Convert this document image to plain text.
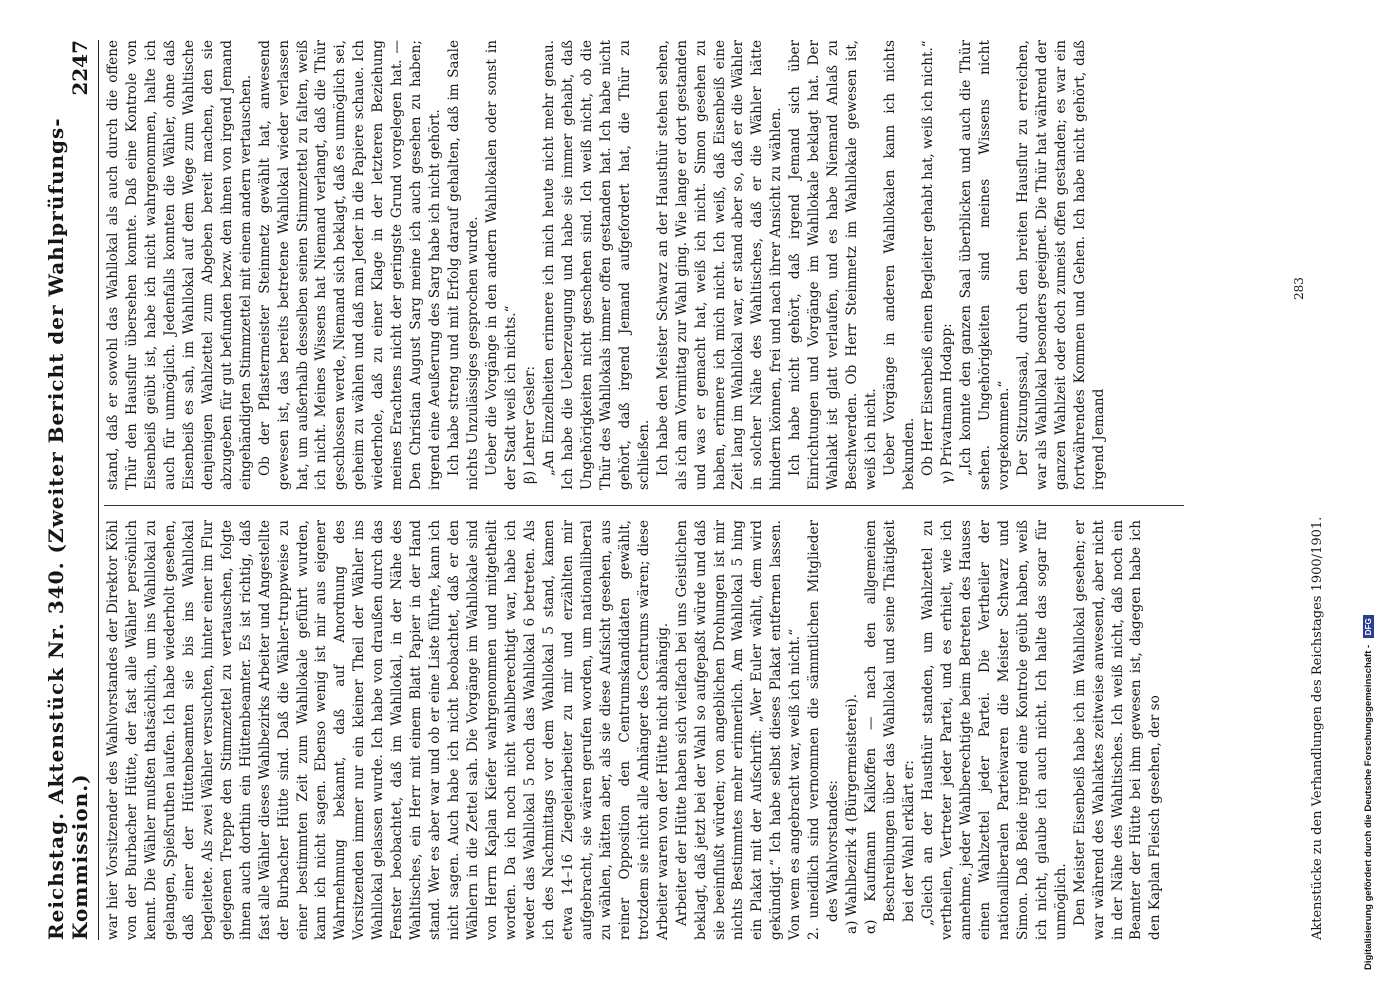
Reichstag. Aktenstück Nr. 340. (Zweiter Bericht der Wahlprüfungs-Kommission.)
2247

war hier Vorsitzender des Wahlvorstandes der Direktor Köhl von der Burbacher Hütte, der fast alle Wähler persönlich kennt. Die Wähler mußten thatsächlich, um ins Wahllokal zu gelangen, Spießruthen laufen. Ich habe wiederholt gesehen, daß einer der Hüttenbeamten sie bis ins Wahllokal begleitete. Als zwei Wähler versuchten, hinter einer im Flur gelegenen Treppe den Stimmzettel zu vertauschen, folgte ihnen auch dorthin ein Hüttenbeamter. Es ist richtig, daß fast alle Wähler dieses Wahlbezirks Arbeiter und Angestellte der Burbacher Hütte sind. Daß die Wähler-truppweise zu einer bestimmten Zeit zum Wahllokale geführt wurden, kann ich nicht sagen. Ebenso wenig ist mir aus eigener Wahrnehmung bekannt, daß auf Anordnung des Vorsitzenden immer nur ein kleiner Theil der Wähler ins Wahllokal gelassen wurde. Ich habe von draußen durch das Fenster beobachtet, daß im Wahllokal, in der Nähe des Wahltisches, ein Herr mit einem Blatt Papier in der Hand stand. Wer es aber war und ob er eine Liste führte, kann ich nicht sagen. Auch habe ich nicht beobachtet, daß er den Wählern in die Zettel sah. Die Vorgänge im Wahllokale sind von Herrn Kaplan Kiefer wahrgenommen und mitgetheilt worden. Da ich noch nicht wahlberechtigt war, habe ich weder das Wahllokal 5 noch das Wahllokal 6 betreten. Als ich des Nachmittags vor dem Wahllokal 5 stand, kamen etwa 14–16 Ziegeleiarbeiter zu mir und erzählten mir aufgebracht, sie wären gerufen worden, um nationalliberal zu wählen, hätten aber, als sie diese Aufsicht gesehen, aus reiner Opposition den Centrumskandidaten gewählt, trotzdem sie nicht alle Anhänger des Centrums wären; diese Arbeiter waren von der Hütte nicht abhängig. Arbeiter der Hütte haben sich vielfach bei uns Geistlichen beklagt, daß jetzt bei der Wahl so aufgepaßt würde und daß sie beeinflußt würden; von angeblichen Drohungen ist mir nichts Bestimmtes mehr erinnerlich. Am Wahllokal 5 hing ein Plakat mit der Aufschrift: „Wer Euler wählt, dem wird gekündigt.“ Ich habe selbst dieses Plakat entfernen lassen. Von wem es angebracht war, weiß ich nicht.“ 2. uneidlich sind vernommen die sämmtlichen Mitglieder des Wahlvorstandes: a) Wahlbezirk 4 (Bürgermeisterei). α) Kaufmann Kalkoffen — nach den allgemeinen Beschreibungen über das Wahllokal und seine Thätigkeit bei der Wahl erklärt er: „Gleich an der Hausthür standen, um Wahlzettel zu vertheilen, Vertreter jeder Partei, und es erhielt, wie ich annehme, jeder Wahlberechtigte beim Betreten des Hauses einen Wahlzettel jeder Partei. Die Vertheiler der nationalliberalen Parteiwaren die Meister Schwarz und Simon. Daß Beide irgend eine Kontrole geübt haben, weiß ich nicht, glaube ich auch nicht. Ich halte das sogar für unmöglich. Den Meister Eisenbeiß habe ich im Wahllokal gesehen; er war während des Wahlaktes zeitweise anwesend, aber nicht in der Nähe des Wahltisches. Ich weiß nicht, daß noch ein Beamter der Hütte bei ihm gewesen ist, dagegen habe ich den Kaplan Fleisch gesehen, der so

stand, daß er sowohl das Wahllokal als auch durch die offene Thür den Hausflur übersehen konnte. Daß eine Kontrole von Eisenbeiß geübt ist, habe ich nicht wahrgenommen, halte ich auch für unmöglich. Jedenfalls konnten die Wähler, ohne daß Eisenbeiß es sah, im Wahllokal auf dem Wege zum Wahltische denjenigen Wahlzettel zum Abgeben bereit machen, den sie abzugeben für gut befunden bezw. den ihnen von irgend Jemand eingehändigten Stimmzettel mit einem andern vertauschen. Ob der Pflastermeister Steinmetz gewählt hat, anwesend gewesen ist, das bereits betretene Wahllokal wieder verlassen hat, um außerhalb desselben seinen Stimmzettel zu falten, weiß ich nicht. Meines Wissens hat Niemand verlangt, daß die Thür geschlossen werde, Niemand sich beklagt, daß es unmöglich sei, geheim zu wählen und daß man Jeder in die Papiere schaue. Ich wiederhole, daß zu einer Klage in der letzteren Beziehung meines Erachtens nicht der geringste Grund vorgelegen hat. — Den Christian August Sarg meine ich auch gesehen zu haben; irgend eine Aeußerung des Sarg habe ich nicht gehört. Ich habe streng und mit Erfolg darauf gehalten, daß im Saale nichts Unzulässiges gesprochen wurde. Ueber die Vorgänge in den andern Wahllokalen oder sonst in der Stadt weiß ich nichts.“ β) Lehrer Gesler: „An Einzelheiten erinnere ich mich heute nicht mehr genau. Ich habe die Ueberzeugung und habe sie immer gehabt, daß Ungehörigkeiten nicht geschehen sind. Ich weiß nicht, ob die Thür des Wahllokals immer offen gestanden hat. Ich habe nicht gehört, daß irgend Jemand aufgefordert hat, die Thür zu schließen. Ich habe den Meister Schwarz an der Hausthür stehen sehen, als ich am Vormittag zur Wahl ging. Wie lange er dort gestanden und was er gemacht hat, weiß ich nicht. Simon gesehen zu haben, erinnere ich mich nicht. Ich weiß, daß Eisenbeiß eine Zeit lang im Wahllokal war, er stand aber so, daß er die Wähler in solcher Nähe des Wahltisches, daß er die Wähler hätte hindern können, frei und nach ihrer Ansicht zu wählen. Ich habe nicht gehört, daß irgend Jemand sich über Einrichtungen und Vorgänge im Wahllokale beklagt hat. Der Wahlakt ist glatt verlaufen, und es habe Niemand Anlaß zu Beschwerden. Ob Herr Steinmetz im Wahllokale gewesen ist, weiß ich nicht. Ueber Vorgänge in anderen Wahllokalen kann ich nichts bekunden. Ob Herr Eisenbeiß einen Begleiter gehabt hat, weiß ich nicht.“ γ) Privatmann Hodapp: „Ich konnte den ganzen Saal überblicken und auch die Thür sehen. Ungehörigkeiten sind meines Wissens nicht vorgekommen.“ Der Sitzungssaal, durch den breiten Hausflur zu erreichen, war als Wahllokal besonders geeignet. Die Thür hat während der ganzen Wahlzeit oder doch zumeist offen gestanden; es war ein fortwährendes Kommen und Gehen. Ich habe nicht gehört, daß irgend Jemand

Aktenstücke zu den Verhandlungen des Reichstages 1900/1901.
283
Digitalisierung gefördert durch die Deutsche Forschungsgemeinschaft - DFG
